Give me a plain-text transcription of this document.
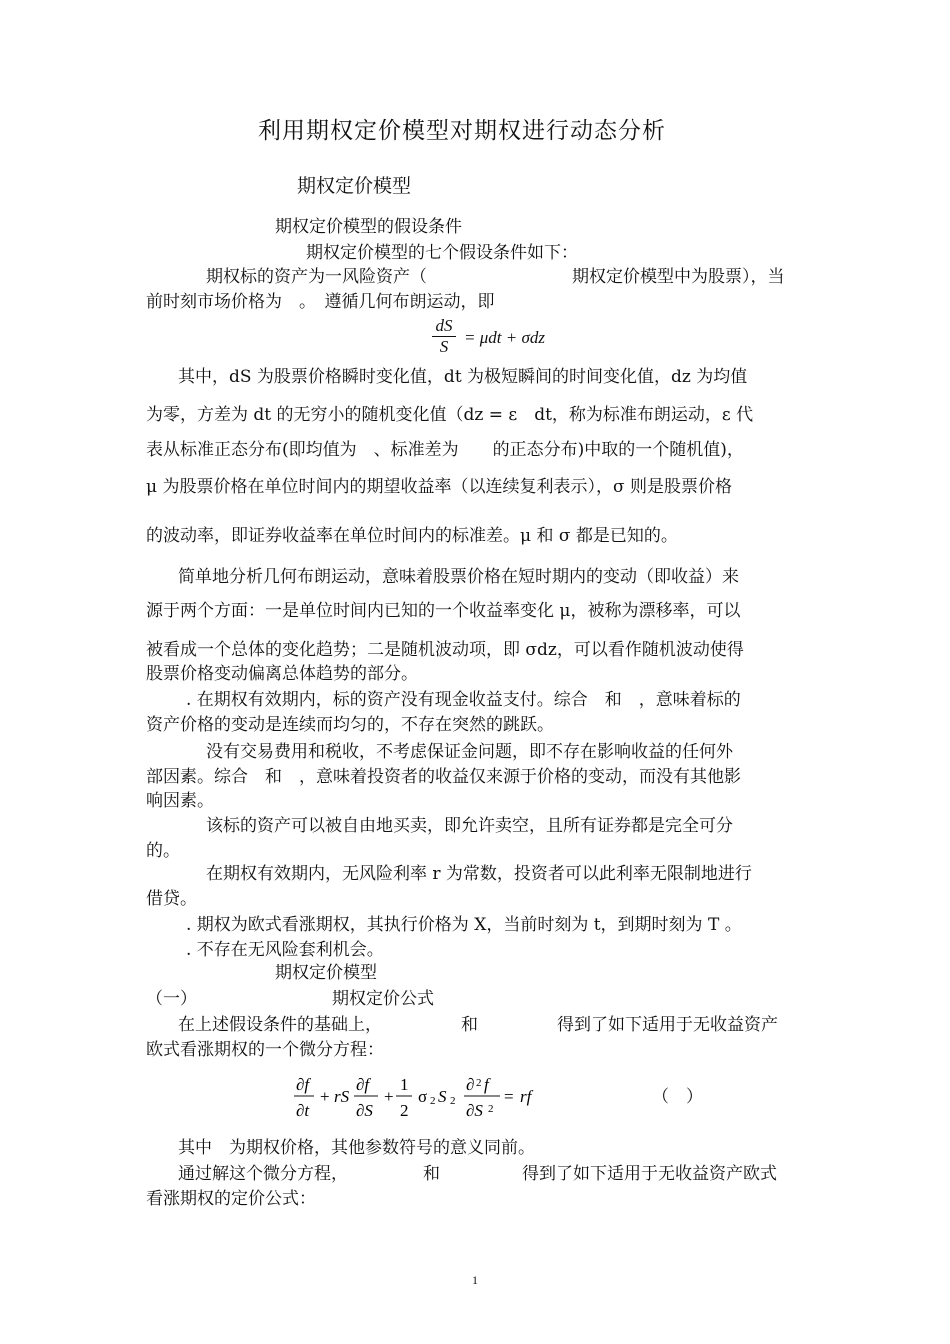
利用期权定价模型对期权进行动态分析
期权定价模型
期权定价模型的假设条件
期权定价模型的七个假设条件如下：
期权标的资产为一风险资产（	期权定价模型中为股票），当
前时刻市场价格为　。　遵循几何布朗运动，即
dS
S = μdt + σdz
其中，dS 为股票价格瞬时变化值，dt 为极短瞬间的时间变化值，dz 为均值
为零，方差为 dt 的无穷小的随机变化值（dz = ε　dt，称为标准布朗运动，ε 代
表从标准正态分布(即均值为　、标准差为　　的正态分布)中取的一个随机值)，
μ 为股票价格在单位时间内的期望收益率（以连续复利表示），σ 则是股票价格
的波动率，即证券收益率在单位时间内的标准差。μ 和 σ 都是已知的。
简单地分析几何布朗运动，意味着股票价格在短时期内的变动（即收益）来
源于两个方面：一是单位时间内已知的一个收益率变化 μ，被称为漂移率，可以
被看成一个总体的变化趋势；二是随机波动项，即 σdz，可以看作随机波动使得
股票价格变动偏离总体趋势的部分。
. 在期权有效期内，标的资产没有现金收益支付。综合　和　，意味着标的
资产价格的变动是连续而均匀的，不存在突然的跳跃。
没有交易费用和税收，不考虑保证金问题，即不存在影响收益的任何外
部因素。综合　和　，意味着投资者的收益仅来源于价格的变动，而没有其他影
响因素。
该标的资产可以被自由地买卖，即允许卖空，且所有证券都是完全可分
的。
在期权有效期内，无风险利率 r 为常数，投资者可以此利率无限制地进行
借贷。
. 期权为欧式看涨期权，其执行价格为 X，当前时刻为 t，到期时刻为 T 。
. 不存在无风险套利机会。
期权定价模型
（一）	期权定价公式
在上述假设条件的基础上，	和	得到了如下适用于无收益资产
欧式看涨期权的一个微分方程：
∂f
∂t
+ rS
∂f
∂S
+
1
2
σ 2 S 2
∂ 2 f
∂S 2
= rf	（　）
其中　为期权价格，其他参数符号的意义同前。
通过解这个微分方程，	和	得到了如下适用于无收益资产欧式
看涨期权的定价公式：
1
